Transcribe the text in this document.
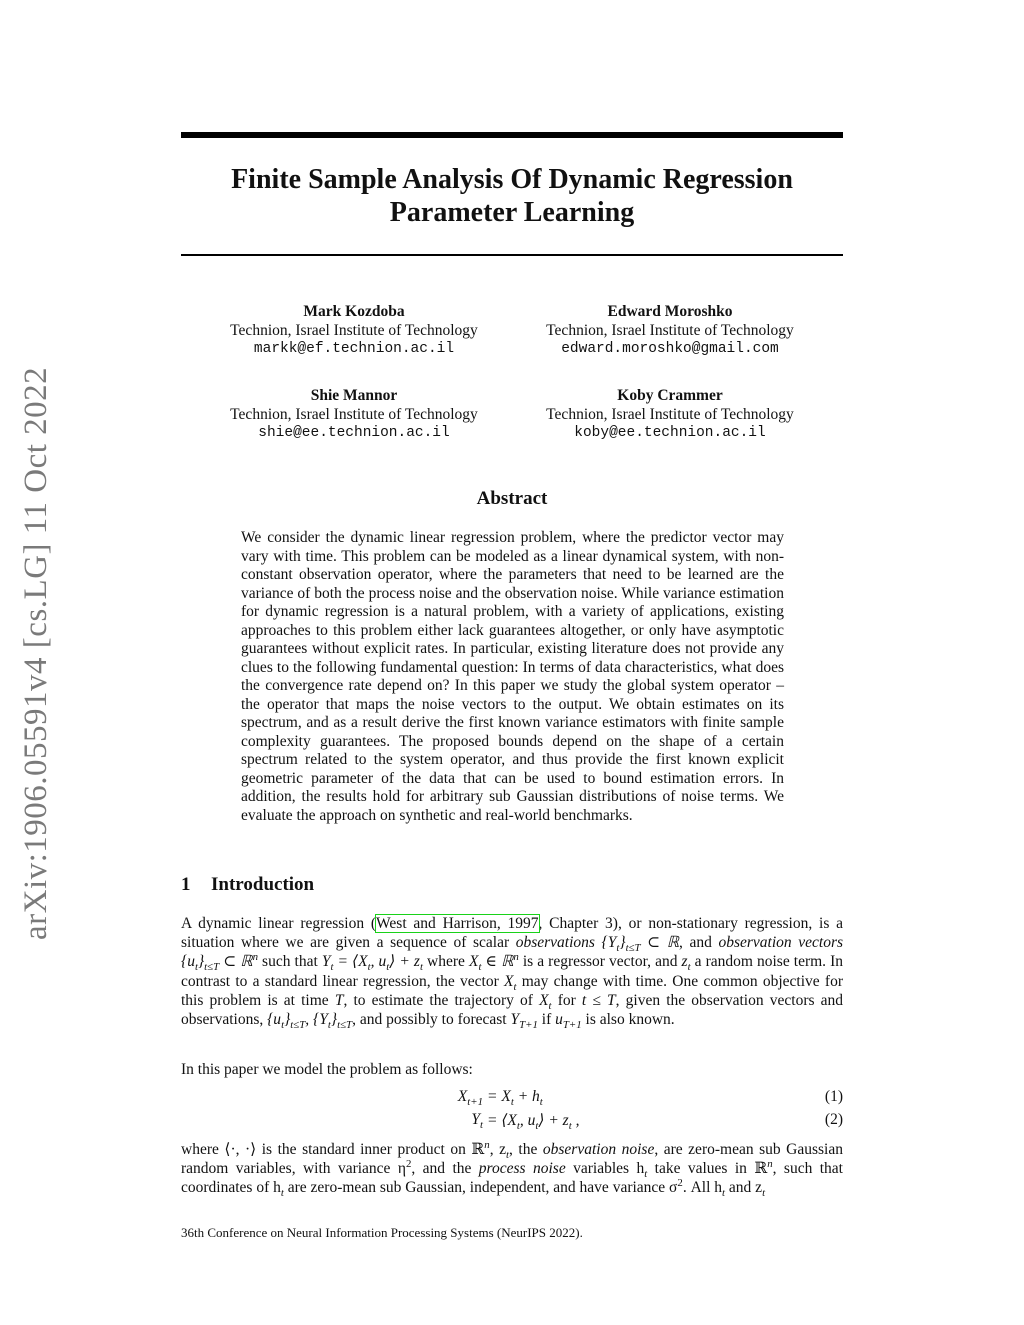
arXiv:1906.05591v4 [cs.LG] 11 Oct 2022
Finite Sample Analysis Of Dynamic Regression Parameter Learning
Mark Kozdoba
Technion, Israel Institute of Technology
markk@ef.technion.ac.il
Edward Moroshko
Technion, Israel Institute of Technology
edward.moroshko@gmail.com
Shie Mannor
Technion, Israel Institute of Technology
shie@ee.technion.ac.il
Koby Crammer
Technion, Israel Institute of Technology
koby@ee.technion.ac.il
Abstract

We consider the dynamic linear regression problem, where the predictor vector may vary with time. This problem can be modeled as a linear dynamical system, with non-constant observation operator, where the parameters that need to be learned are the variance of both the process noise and the observation noise. While variance estimation for dynamic regression is a natural problem, with a variety of applications, existing approaches to this problem either lack guarantees altogether, or only have asymptotic guarantees without explicit rates. In particular, existing literature does not provide any clues to the following fundamental question: In terms of data characteristics, what does the convergence rate depend on? In this paper we study the global system operator – the operator that maps the noise vectors to the output. We obtain estimates on its spectrum, and as a result derive the first known variance estimators with finite sample complexity guarantees. The proposed bounds depend on the shape of a certain spectrum related to the system operator, and thus provide the first known explicit geometric parameter of the data that can be used to bound estimation errors. In addition, the results hold for arbitrary sub Gaussian distributions of noise terms. We evaluate the approach on synthetic and real-world benchmarks.

1 Introduction

A dynamic linear regression (West and Harrison, 1997, Chapter 3), or non-stationary regression, is a situation where we are given a sequence of scalar observations $\{Y_t\}_{t\le T}$ ⊂ ℝ, and observation vectors $\{u_t\}_{t\le T}$ ⊂ ℝ$^n$ such that $Y_t$ = $⟨X_t$, $u_t⟩ + z_t$ where $X_t$ ∈ ℝ$^n$ is a regressor vector, and $z_t$ a random noise term. In contrast to a standard linear regression, the vector $X_t$ may change with time. One common objective for this problem is at time T, to estimate the trajectory of $X_t$ for t ≤ T, given the observation vectors and observations, $\{u_t\}_{t\le T}$, $\{Y_t\}_{t\le T}$, and possibly to forecast $Y_{T+1}$ if $u_{T+1}$ is also known.

In this paper we model the problem as follows:

$X_{t+1} = X_t + h_t$	(1)
$Y_t$ = $⟨X_t$, $u_t⟩ + z_t$ ,	(2)

where ⟨·, ·⟩ is the standard inner product on ℝ$^n$, $z_t$, the observation noise, are zero-mean sub Gaussian random variables, with variance $\eta^2$, and the process noise variables $h_t$ take values in ℝ$^n$, such that coordinates of $h_t$ are zero-mean sub Gaussian, independent, and have variance $\sigma^2$. All $h_t$ and $z_t$

36th Conference on Neural Information Processing Systems (NeurIPS 2022).
